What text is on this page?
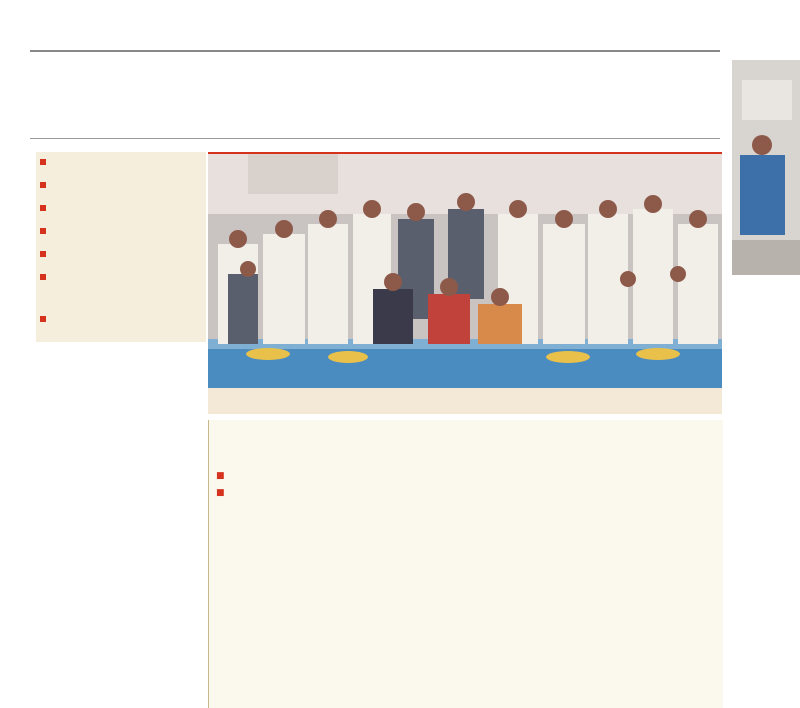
■
■
